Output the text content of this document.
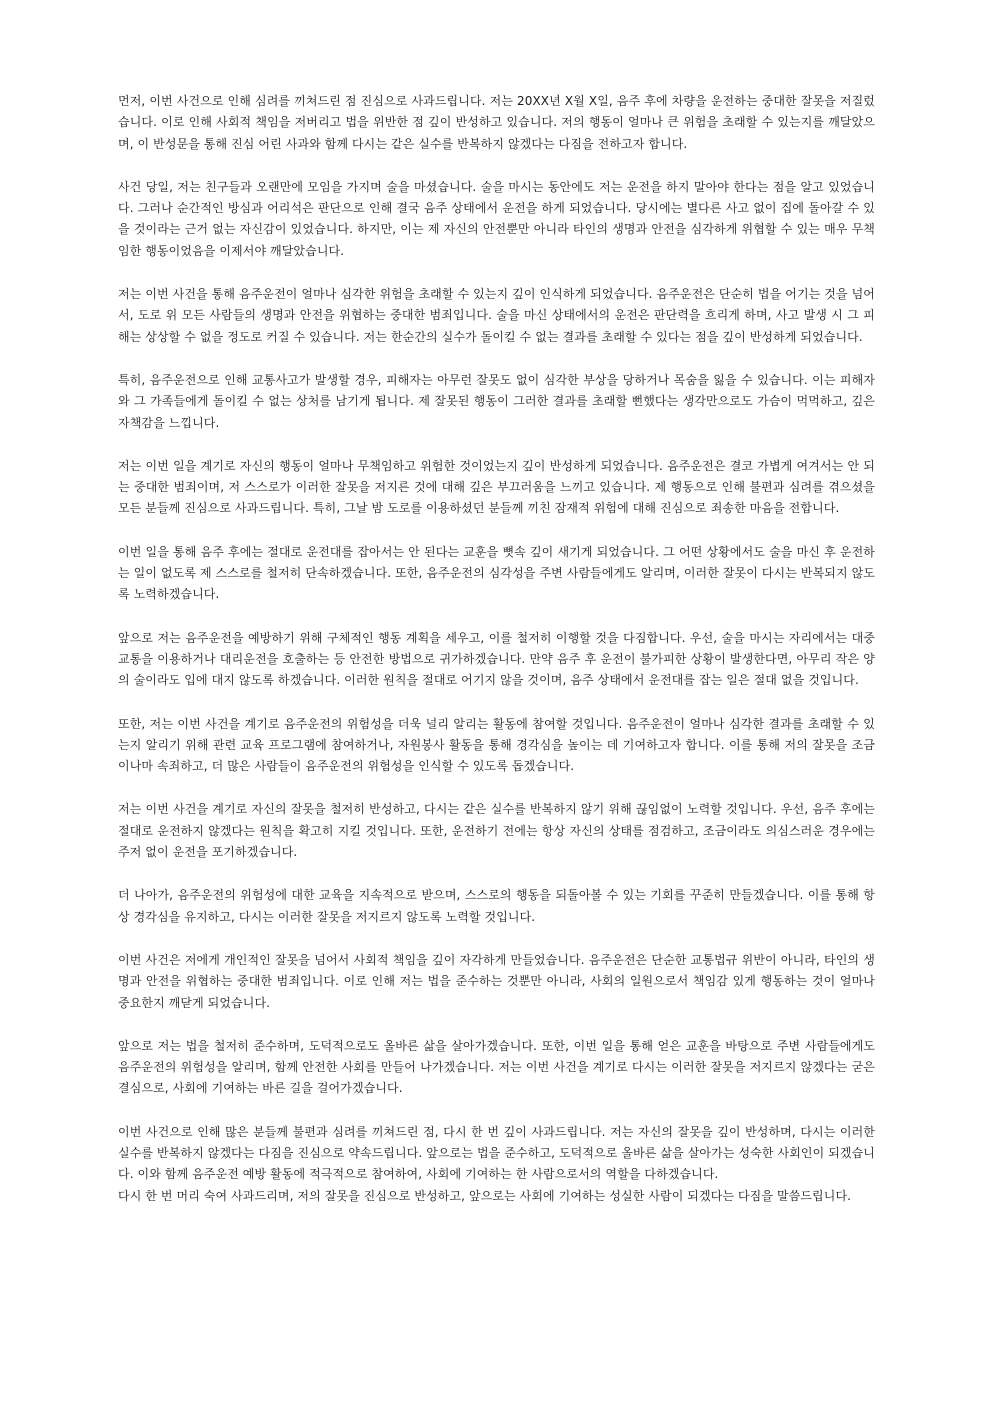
먼저, 이번 사건으로 인해 심려를 끼쳐드린 점 진심으로 사과드립니다. 저는 20XX년 X월 X일, 음주 후에 차량을 운전하는 중대한 잘못을 저질렀습니다. 이로 인해 사회적 책임을 저버리고 법을 위반한 점 깊이 반성하고 있습니다. 저의 행동이 얼마나 큰 위험을 초래할 수 있는지를 깨달았으며, 이 반성문을 통해 진심 어린 사과와 함께 다시는 같은 실수를 반복하지 않겠다는 다짐을 전하고자 합니다.

사건 당일, 저는 친구들과 오랜만에 모임을 가지며 술을 마셨습니다. 술을 마시는 동안에도 저는 운전을 하지 말아야 한다는 점을 알고 있었습니다. 그러나 순간적인 방심과 어리석은 판단으로 인해 결국 음주 상태에서 운전을 하게 되었습니다. 당시에는 별다른 사고 없이 집에 돌아갈 수 있을 것이라는 근거 없는 자신감이 있었습니다. 하지만, 이는 제 자신의 안전뿐만 아니라 타인의 생명과 안전을 심각하게 위협할 수 있는 매우 무책임한 행동이었음을 이제서야 깨달았습니다.

저는 이번 사건을 통해 음주운전이 얼마나 심각한 위험을 초래할 수 있는지 깊이 인식하게 되었습니다. 음주운전은 단순히 법을 어기는 것을 넘어서, 도로 위 모든 사람들의 생명과 안전을 위협하는 중대한 범죄입니다. 술을 마신 상태에서의 운전은 판단력을 흐리게 하며, 사고 발생 시 그 피해는 상상할 수 없을 정도로 커질 수 있습니다. 저는 한순간의 실수가 돌이킬 수 없는 결과를 초래할 수 있다는 점을 깊이 반성하게 되었습니다.

특히, 음주운전으로 인해 교통사고가 발생할 경우, 피해자는 아무런 잘못도 없이 심각한 부상을 당하거나 목숨을 잃을 수 있습니다. 이는 피해자와 그 가족들에게 돌이킬 수 없는 상처를 남기게 됩니다. 제 잘못된 행동이 그러한 결과를 초래할 뻔했다는 생각만으로도 가슴이 먹먹하고, 깊은 자책감을 느낍니다.

저는 이번 일을 계기로 자신의 행동이 얼마나 무책임하고 위험한 것이었는지 깊이 반성하게 되었습니다. 음주운전은 결코 가볍게 여겨서는 안 되는 중대한 범죄이며, 저 스스로가 이러한 잘못을 저지른 것에 대해 깊은 부끄러움을 느끼고 있습니다. 제 행동으로 인해 불편과 심려를 겪으셨을 모든 분들께 진심으로 사과드립니다. 특히, 그날 밤 도로를 이용하셨던 분들께 끼친 잠재적 위험에 대해 진심으로 죄송한 마음을 전합니다.

이번 일을 통해 음주 후에는 절대로 운전대를 잡아서는 안 된다는 교훈을 뼛속 깊이 새기게 되었습니다. 그 어떤 상황에서도 술을 마신 후 운전하는 일이 없도록 제 스스로를 철저히 단속하겠습니다. 또한, 음주운전의 심각성을 주변 사람들에게도 알리며, 이러한 잘못이 다시는 반복되지 않도록 노력하겠습니다.

앞으로 저는 음주운전을 예방하기 위해 구체적인 행동 계획을 세우고, 이를 철저히 이행할 것을 다짐합니다. 우선, 술을 마시는 자리에서는 대중교통을 이용하거나 대리운전을 호출하는 등 안전한 방법으로 귀가하겠습니다. 만약 음주 후 운전이 불가피한 상황이 발생한다면, 아무리 작은 양의 술이라도 입에 대지 않도록 하겠습니다. 이러한 원칙을 절대로 어기지 않을 것이며, 음주 상태에서 운전대를 잡는 일은 절대 없을 것입니다.

또한, 저는 이번 사건을 계기로 음주운전의 위험성을 더욱 널리 알리는 활동에 참여할 것입니다. 음주운전이 얼마나 심각한 결과를 초래할 수 있는지 알리기 위해 관련 교육 프로그램에 참여하거나, 자원봉사 활동을 통해 경각심을 높이는 데 기여하고자 합니다. 이를 통해 저의 잘못을 조금이나마 속죄하고, 더 많은 사람들이 음주운전의 위험성을 인식할 수 있도록 돕겠습니다.

저는 이번 사건을 계기로 자신의 잘못을 철저히 반성하고, 다시는 같은 실수를 반복하지 않기 위해 끊임없이 노력할 것입니다. 우선, 음주 후에는 절대로 운전하지 않겠다는 원칙을 확고히 지킬 것입니다. 또한, 운전하기 전에는 항상 자신의 상태를 점검하고, 조금이라도 의심스러운 경우에는 주저 없이 운전을 포기하겠습니다.

더 나아가, 음주운전의 위험성에 대한 교육을 지속적으로 받으며, 스스로의 행동을 되돌아볼 수 있는 기회를 꾸준히 만들겠습니다. 이를 통해 항상 경각심을 유지하고, 다시는 이러한 잘못을 저지르지 않도록 노력할 것입니다.

이번 사건은 저에게 개인적인 잘못을 넘어서 사회적 책임을 깊이 자각하게 만들었습니다. 음주운전은 단순한 교통법규 위반이 아니라, 타인의 생명과 안전을 위협하는 중대한 범죄입니다. 이로 인해 저는 법을 준수하는 것뿐만 아니라, 사회의 일원으로서 책임감 있게 행동하는 것이 얼마나 중요한지 깨닫게 되었습니다.

앞으로 저는 법을 철저히 준수하며, 도덕적으로도 올바른 삶을 살아가겠습니다. 또한, 이번 일을 통해 얻은 교훈을 바탕으로 주변 사람들에게도 음주운전의 위험성을 알리며, 함께 안전한 사회를 만들어 나가겠습니다. 저는 이번 사건을 계기로 다시는 이러한 잘못을 저지르지 않겠다는 굳은 결심으로, 사회에 기여하는 바른 길을 걸어가겠습니다.

이번 사건으로 인해 많은 분들께 불편과 심려를 끼쳐드린 점, 다시 한 번 깊이 사과드립니다. 저는 자신의 잘못을 깊이 반성하며, 다시는 이러한 실수를 반복하지 않겠다는 다짐을 진심으로 약속드립니다. 앞으로는 법을 준수하고, 도덕적으로 올바른 삶을 살아가는 성숙한 사회인이 되겠습니다. 이와 함께 음주운전 예방 활동에 적극적으로 참여하여, 사회에 기여하는 한 사람으로서의 역할을 다하겠습니다.

다시 한 번 머리 숙여 사과드리며, 저의 잘못을 진심으로 반성하고, 앞으로는 사회에 기여하는 성실한 사람이 되겠다는 다짐을 말씀드립니다.
